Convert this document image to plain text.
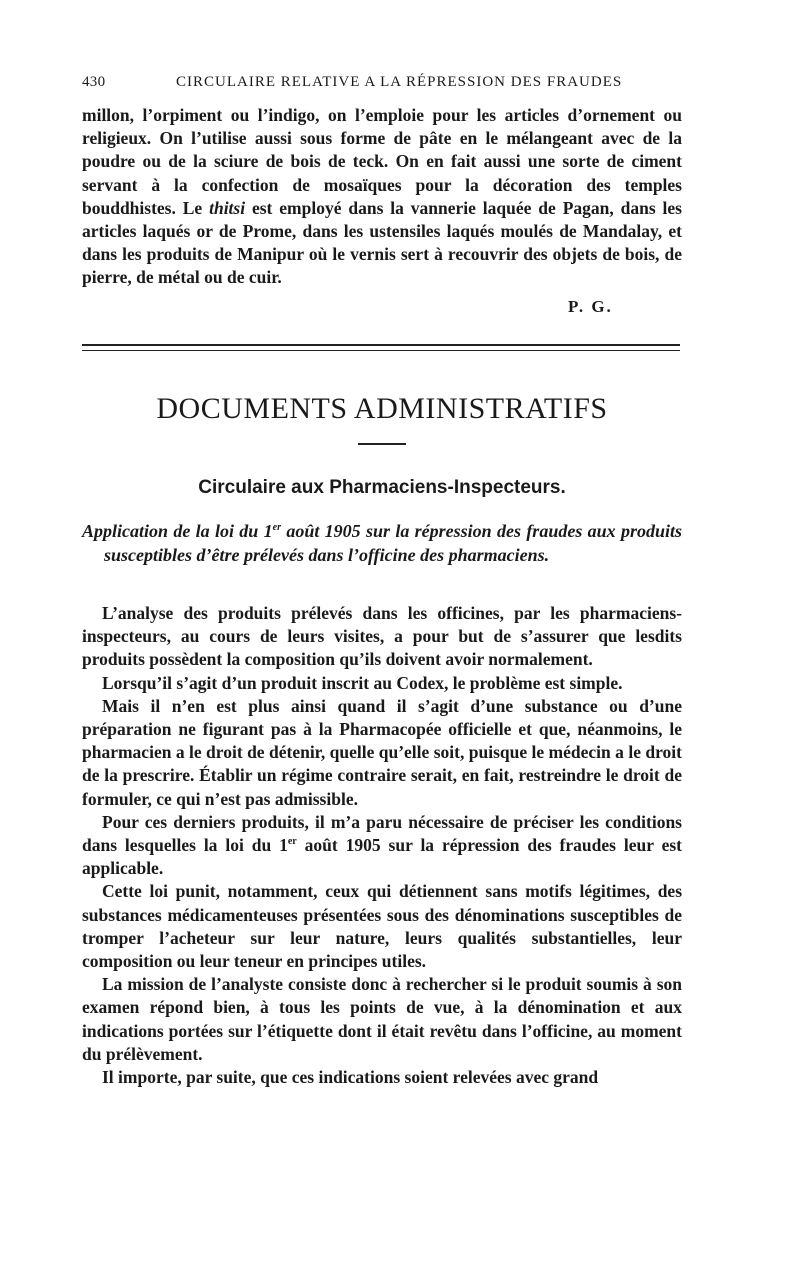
430	CIRCULAIRE RELATIVE A LA RÉPRESSION DES FRAUDES

millon, l’orpiment ou l’indigo, on l’emploie pour les articles d’ornement ou religieux. On l’utilise aussi sous forme de pâte en le mélangeant avec de la poudre ou de la sciure de bois de teck. On en fait aussi une sorte de ciment servant à la confection de mosaïques pour la décoration des temples bouddhistes. Le thitsi est employé dans la vannerie laquée de Pagan, dans les articles laqués or de Prome, dans les ustensiles laqués moulés de Mandalay, et dans les produits de Manipur où le vernis sert à recouvrir des objets de bois, de pierre, de métal ou de cuir.

P. G.
DOCUMENTS ADMINISTRATIFS
Circulaire aux Pharmaciens-Inspecteurs.
Application de la loi du 1er août 1905 sur la répression des fraudes aux produits susceptibles d’être prélevés dans l’officine des pharmaciens.

L’analyse des produits prélevés dans les officines, par les pharmaciens-inspecteurs, au cours de leurs visites, a pour but de s’assurer que lesdits produits possèdent la composition qu’ils doivent avoir normalement.

Lorsqu’il s’agit d’un produit inscrit au Codex, le problème est simple.

Mais il n’en est plus ainsi quand il s’agit d’une substance ou d’une préparation ne figurant pas à la Pharmacopée officielle et que, néanmoins, le pharmacien a le droit de détenir, quelle qu’elle soit, puisque le médecin a le droit de la prescrire. Établir un régime contraire serait, en fait, restreindre le droit de formuler, ce qui n’est pas admissible.

Pour ces derniers produits, il m’a paru nécessaire de préciser les conditions dans lesquelles la loi du 1er août 1905 sur la répression des fraudes leur est applicable.

Cette loi punit, notamment, ceux qui détiennent sans motifs légitimes, des substances médicamenteuses présentées sous des dénominations susceptibles de tromper l’acheteur sur leur nature, leurs qualités substantielles, leur composition ou leur teneur en principes utiles.

La mission de l’analyste consiste donc à rechercher si le produit soumis à son examen répond bien, à tous les points de vue, à la dénomination et aux indications portées sur l’étiquette dont il était revêtu dans l’officine, au moment du prélèvement.

Il importe, par suite, que ces indications soient relevées avec grand
